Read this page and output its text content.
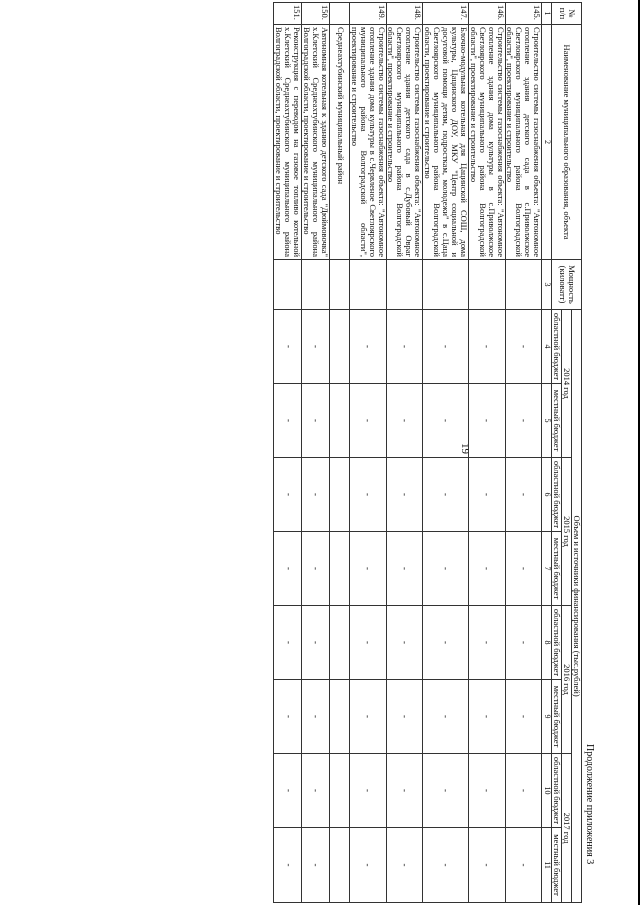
19
Продолжение приложения 3
№ п/п	Наименование муниципального образования, объекта	Мощность (киловатт)	Объем и источники финансирования (тыс.рублей)							
			2014 год		2015 год		2016 год		2017 год	
			областной бюджет	местный бюджет	областной бюджет	местный бюджет	областной бюджет	местный бюджет	областной бюджет	местный бюджет
1	2	3	4	5	6	7	8	9	10	11
145.	Строительство системы газоснабжения объекта: "Автономное отопление здания детского сада в с.Приволжское Светлоярского муниципального района Волгоградской области", проектирование и строительство		-	-	-	-	-	-	-	-
146.	Строительство системы газоснабжения объекта: "Автономное отопление здания дома культуры в с.Приволжское Светлоярского муниципального района Волгоградской области", проектирование и строительство		-	-	-	-	-	-	-	-
147.	Блочно-модульная котельная для Цацинской СОШ, дома культуры, Цацинского ДОУ, МКУ "Центр социальной и досуговой помощи детям, подросткам, молодежи" в с.Цаца Светлоярского муниципального района Волгоградской области, проектирование и строительство		-	-	-	-	-	-	-	-
148.	Строительство системы газоснабжения объекта: "Автономное отопление здания детского сада в с.Дубовый Овраг Светлоярского муниципального района Волгоградской области", проектирование и строительство		-	-	-	-	-	-	-	-
149.	Строительство системы газоснабжения объекта: "Автономное отопление здания дома культуры в с.Червленое Светлоярского муниципального района Волгоградской области", проектирование и строительство		-	-	-	-	-	-	-	-
	Среднеахтубинский муниципальный район									
150.	Автономная котельная к зданию детского сада "Дюймовочка" х.Клетский Среднеахтубинского муниципального района Волгоградской области, проектирование и строительство		-	-	-	-	-	-	-	-
151.	Реконструкция с переводом на газовое топливо котельной х.Клетский Среднеахтубинского муниципального района Волгоградской области, проектирование и строительство		-	-	-	-	-	-	-	-
